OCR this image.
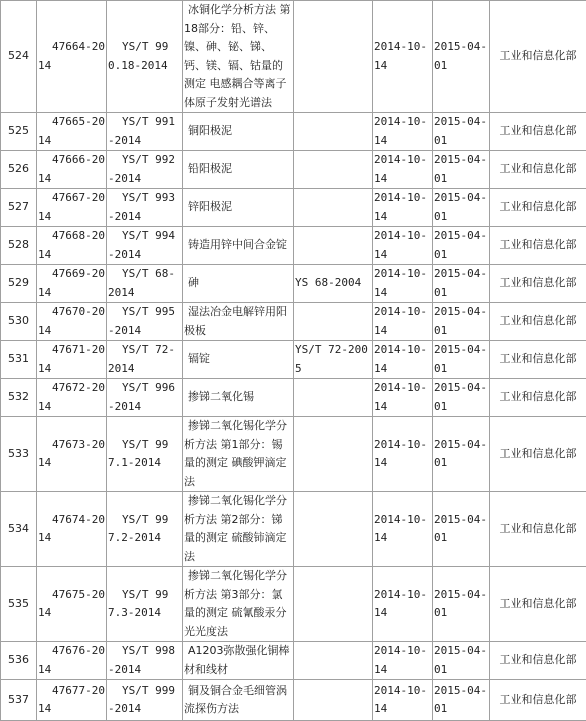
524	47664-2014	YS/T 990.18-2014	冰铜化学分析方法 第18部分：铅、锌、镍、砷、铋、锑、钙、镁、镉、钴量的测定 电感耦合等离子体原子发射光谱法		2014-10-14	2015-04-01	工业和信息化部
525	47665-2014	YS/T 991-2014	铜阳极泥		2014-10-14	2015-04-01	工业和信息化部
526	47666-2014	YS/T 992-2014	铅阳极泥		2014-10-14	2015-04-01	工业和信息化部
527	47667-2014	YS/T 993-2014	锌阳极泥		2014-10-14	2015-04-01	工业和信息化部
528	47668-2014	YS/T 994-2014	铸造用锌中间合金锭		2014-10-14	2015-04-01	工业和信息化部
529	47669-2014	YS/T 68-2014	砷	YS 68-2004	2014-10-14	2015-04-01	工业和信息化部
530	47670-2014	YS/T 995-2014	湿法冶金电解锌用阳极板		2014-10-14	2015-04-01	工业和信息化部
531	47671-2014	YS/T 72-2014	镉锭	YS/T 72-2005	2014-10-14	2015-04-01	工业和信息化部
532	47672-2014	YS/T 996-2014	掺锑二氧化锡		2014-10-14	2015-04-01	工业和信息化部
533	47673-2014	YS/T 997.1-2014	掺锑二氧化锡化学分析方法 第1部分：锡量的测定 碘酸钾滴定法		2014-10-14	2015-04-01	工业和信息化部
534	47674-2014	YS/T 997.2-2014	掺锑二氧化锡化学分析方法 第2部分：锑量的测定 硫酸铈滴定法		2014-10-14	2015-04-01	工业和信息化部
535	47675-2014	YS/T 997.3-2014	掺锑二氧化锡化学分析方法 第3部分：氯量的测定 硫氰酸汞分光光度法		2014-10-14	2015-04-01	工业和信息化部
536	47676-2014	YS/T 998-2014	A1203弥散强化铜棒材和线材		2014-10-14	2015-04-01	工业和信息化部
537	47677-2014	YS/T 999-2014	铜及铜合金毛细管涡流探伤方法		2014-10-14	2015-04-01	工业和信息化部
